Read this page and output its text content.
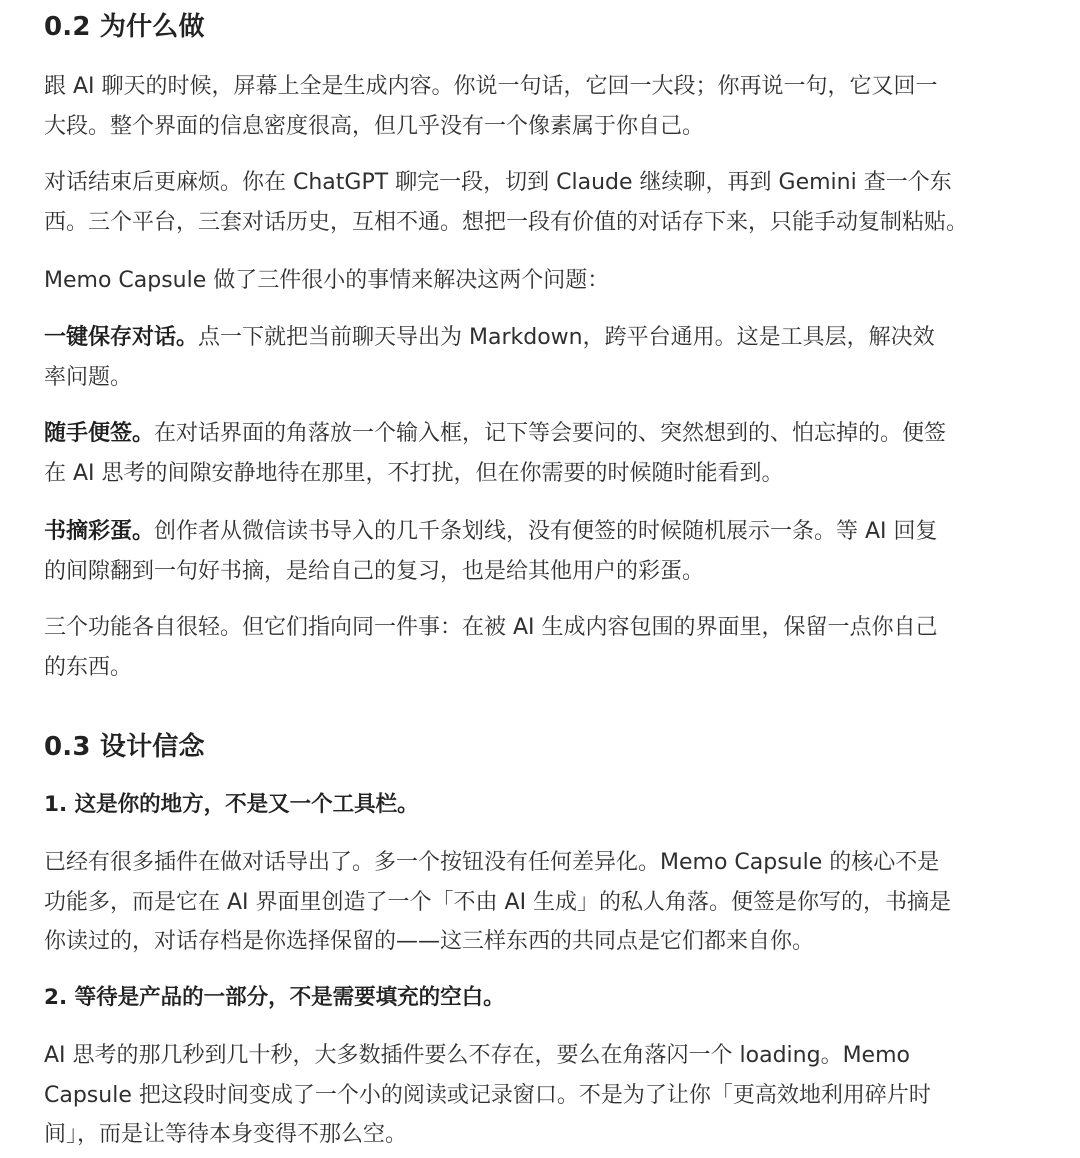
0.2 为什么做

跟 AI 聊天的时候，屏幕上全是生成内容。你说一句话，它回一大段；你再说一句，它又回一
大段。整个界面的信息密度很高，但几乎没有一个像素属于你自己。

对话结束后更麻烦。你在 ChatGPT 聊完一段，切到 Claude 继续聊，再到 Gemini 查一个东
西。三个平台，三套对话历史，互相不通。想把一段有价值的对话存下来，只能手动复制粘贴。

Memo Capsule 做了三件很小的事情来解决这两个问题：

一键保存对话。点一下就把当前聊天导出为 Markdown，跨平台通用。这是工具层，解决效
率问题。

随手便签。在对话界面的角落放一个输入框，记下等会要问的、突然想到的、怕忘掉的。便签
在 AI 思考的间隙安静地待在那里，不打扰，但在你需要的时候随时能看到。

书摘彩蛋。创作者从微信读书导入的几千条划线，没有便签的时候随机展示一条。等 AI 回复
的间隙翻到一句好书摘，是给自己的复习，也是给其他用户的彩蛋。

三个功能各自很轻。但它们指向同一件事：在被 AI 生成内容包围的界面里，保留一点你自己
的东西。

0.3 设计信念
1. 这是你的地方，不是又一个工具栏。

已经有很多插件在做对话导出了。多一个按钮没有任何差异化。Memo Capsule 的核心不是
功能多，而是它在 AI 界面里创造了一个「不由 AI 生成」的私人角落。便签是你写的，书摘是
你读过的，对话存档是你选择保留的——这三样东西的共同点是它们都来自你。

2. 等待是产品的一部分，不是需要填充的空白。

AI 思考的那几秒到几十秒，大多数插件要么不存在，要么在角落闪一个 loading。Memo
Capsule 把这段时间变成了一个小的阅读或记录窗口。不是为了让你「更高效地利用碎片时
间」，而是让等待本身变得不那么空。
